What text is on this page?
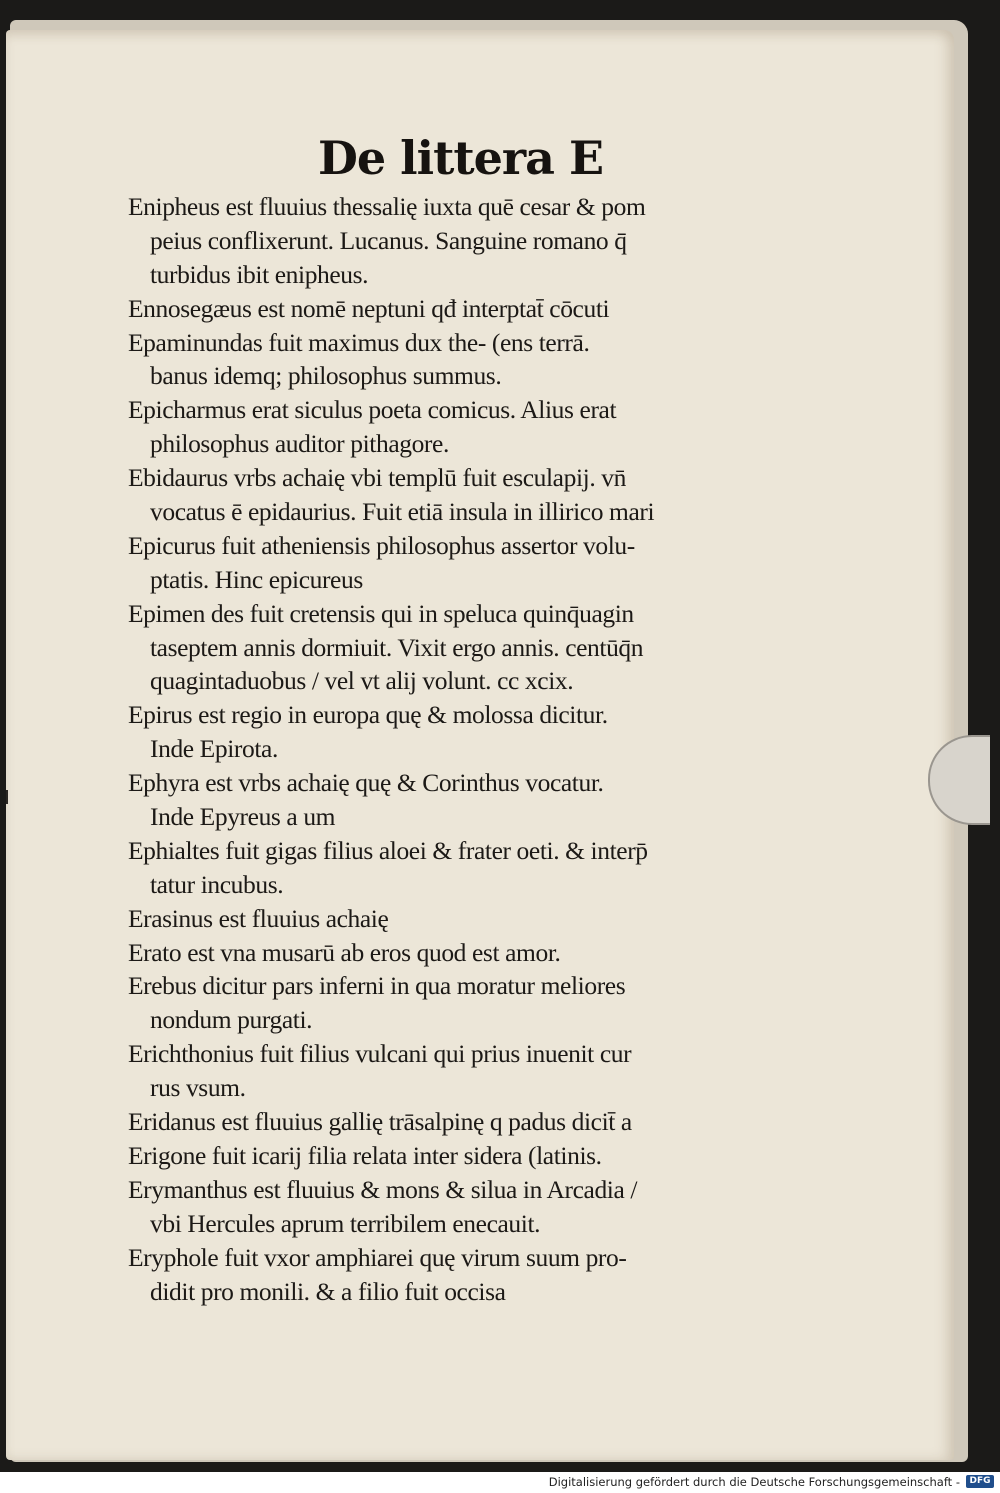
De littera E
Enipheus est fluuius thessalię iuxta quē cesar & pom
peius conflixerunt. Lucanus. Sanguine romano q̄̄
turbidus ibit enipheus.
Ennosegæus est nomē neptuni qđ interptat̄ cōcuti
Epaminundas fuit maximus dux the- (ens terrā.
banus idemq; philosophus summus.
Epicharmus erat siculus poeta comicus. Alius erat
philosophus auditor pithagore.
Ebidaurus vrbs achaię vbi templū fuit esculapij. vn̄
vocatus ē epidaurius. Fuit etiā insula in illirico mari
Epicurus fuit atheniensis philosophus assertor volu-
ptatis. Hinc epicureus
Epimen des fuit cretensis qui in speluca quinq̄uagin
taseptem annis dormiuit. Vixit ergo annis. centūq̄n
quagintaduobus / vel vt alij volunt. cc xcix.
Epirus est regio in europa quę & molossa dicitur.
Inde Epirota.
Ephyra est vrbs achaię quę & Corinthus vocatur.
Inde Epyreus a um
Ephialtes fuit gigas filius aloei & frater oeti. & interp̄
tatur incubus.
Erasinus est fluuius achaię
Erato est vna musarū ab eros quod est amor.
Erebus dicitur pars inferni in qua moratur meliores
nondum purgati.
Erichthonius fuit filius vulcani qui prius inuenit cur
rus vsum.
Eridanus est fluuius gallię trāsalpinę q padus dicit̄ a
Erigone fuit icarij filia relata inter sidera (latinis.
Erymanthus est fluuius & mons & silua in Arcadia /
vbi Hercules aprum terribilem enecauit.
Eryphole fuit vxor amphiarei quę virum suum pro-
didit pro monili. & a filio fuit occisa
Digitalisierung gefördert durch die Deutsche Forschungsgemeinschaft -	DFG
